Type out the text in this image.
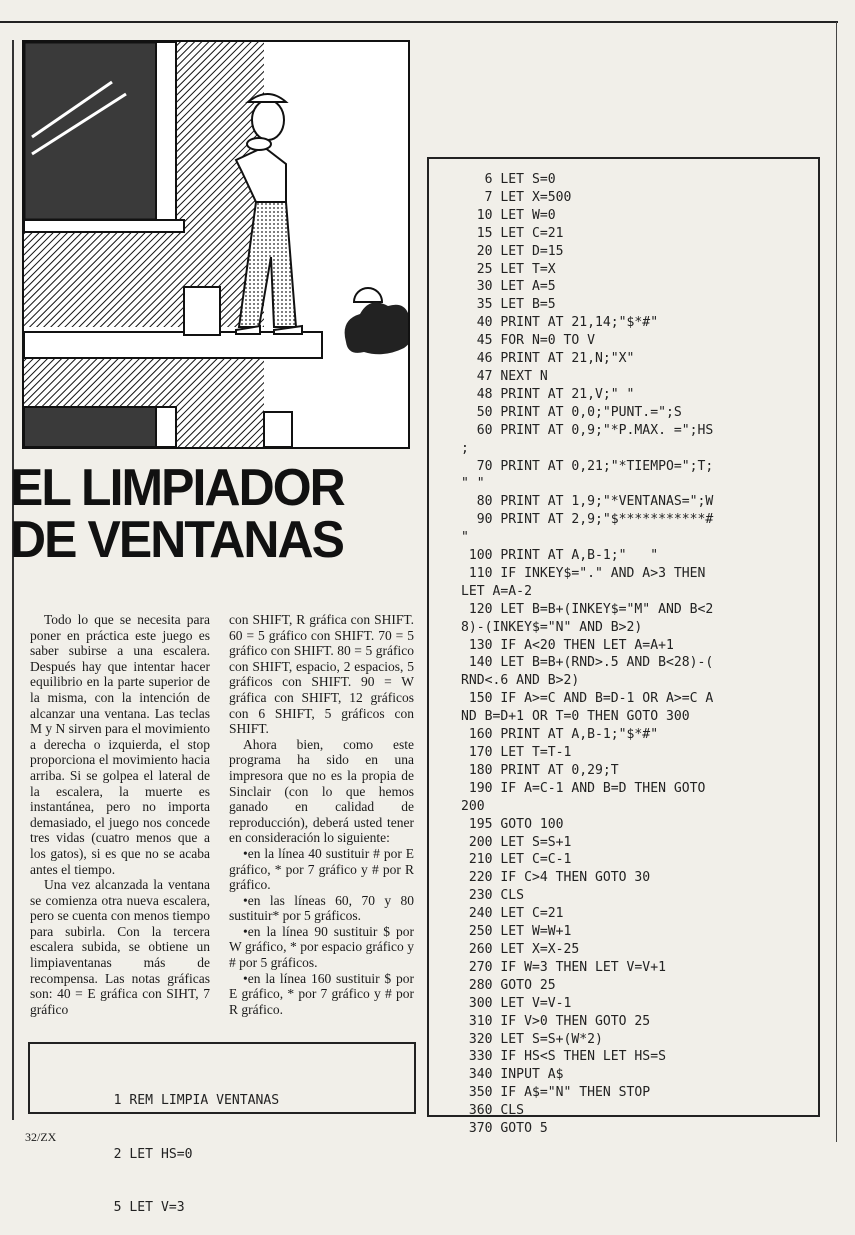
EL LIMPIADOR
DE VENTANAS

Todo lo que se necesita para poner en práctica este juego es saber subirse a una escalera. Después hay que intentar hacer equilibrio en la parte superior de la misma, con la intención de alcanzar una ventana. Las teclas M y N sirven para el movimiento a derecha o izquierda, el stop proporciona el movimiento hacia arriba. Si se golpea el lateral de la escalera, la muerte es instantánea, pero no importa demasiado, el juego nos concede tres vidas (cuatro menos que a los gatos), si es que no se acaba antes el tiempo.

Una vez alcanzada la ventana se comienza otra nueva escalera, pero se cuenta con menos tiempo para subirla. Con la tercera escalera subida, se obtiene un limpiaventanas más de recompensa. Las notas gráficas son: 40 = E gráfica con SIHT, 7 gráfico

con SHIFT, R gráfica con SHIFT. 60 = 5 gráfico con SHIFT. 70 = 5 gráfico con SHIFT. 80 = 5 gráfico con SHIFT, espacio, 2 espacios, 5 gráficos con SHIFT. 90 = W gráfica con SHIFT, 12 gráficos con 6 SHIFT, 5 gráficos con SHIFT.

Ahora bien, como este programa ha sido en una impresora que no es la propia de Sinclair (con lo que hemos ganado en calidad de reproducción), deberá usted tener en consideración lo siguiente:

• en la línea 40 sustituir # por E gráfico, * por 7 gráfico y # por R gráfico.
• en las líneas 60, 70 y 80 sustituir* por 5 gráficos.
• en la línea 90 sustituir $ por W gráfico, * por espacio gráfico y # por 5 gráficos.
• en la línea 160 sustituir $ por E gráfico, * por 7 gráfico y # por R gráfico.

1 REM LIMPIA VENTANAS

2 LET HS=0

5 LET V=3

6 LET S=0
7 LET X=500
10 LET W=0
15 LET C=21
20 LET D=15
25 LET T=X
30 LET A=5
35 LET B=5
40 PRINT AT 21,14;"$*#"
45 FOR N=0 TO V
46 PRINT AT 21,N;"X"
47 NEXT N
48 PRINT AT 21,V;" "
50 PRINT AT 0,0;"PUNT.=";S
60 PRINT AT 0,9;"*P.MAX. =";HS
;
70 PRINT AT 0,21;"*TIEMPO=";T;
" "
80 PRINT AT 1,9;"*VENTANAS=";W
90 PRINT AT 2,9;"$***********#
"
100 PRINT AT A,B-1;"   "
110 IF INKEY$="." AND A>3 THEN
LET A=A-2
120 LET B=B+(INKEY$="M" AND B<2
8)-(INKEY$="N" AND B>2)
130 IF A<20 THEN LET A=A+1
140 LET B=B+(RND>.5 AND B<28)-(
RND<.6 AND B>2)
150 IF A>=C AND B=D-1 OR A>=C A
ND B=D+1 OR T=0 THEN GOTO 300
160 PRINT AT A,B-1;"$*#"
170 LET T=T-1
180 PRINT AT 0,29;T
190 IF A=C-1 AND B=D THEN GOTO
200
195 GOTO 100
200 LET S=S+1
210 LET C=C-1
220 IF C>4 THEN GOTO 30
230 CLS
240 LET C=21
250 LET W=W+1
260 LET X=X-25
270 IF W=3 THEN LET V=V+1
280 GOTO 25
300 LET V=V-1
310 IF V>0 THEN GOTO 25
320 LET S=S+(W*2)
330 IF HS<S THEN LET HS=S
340 INPUT A$
350 IF A$="N" THEN STOP
360 CLS
370 GOTO 5
32/ZX
